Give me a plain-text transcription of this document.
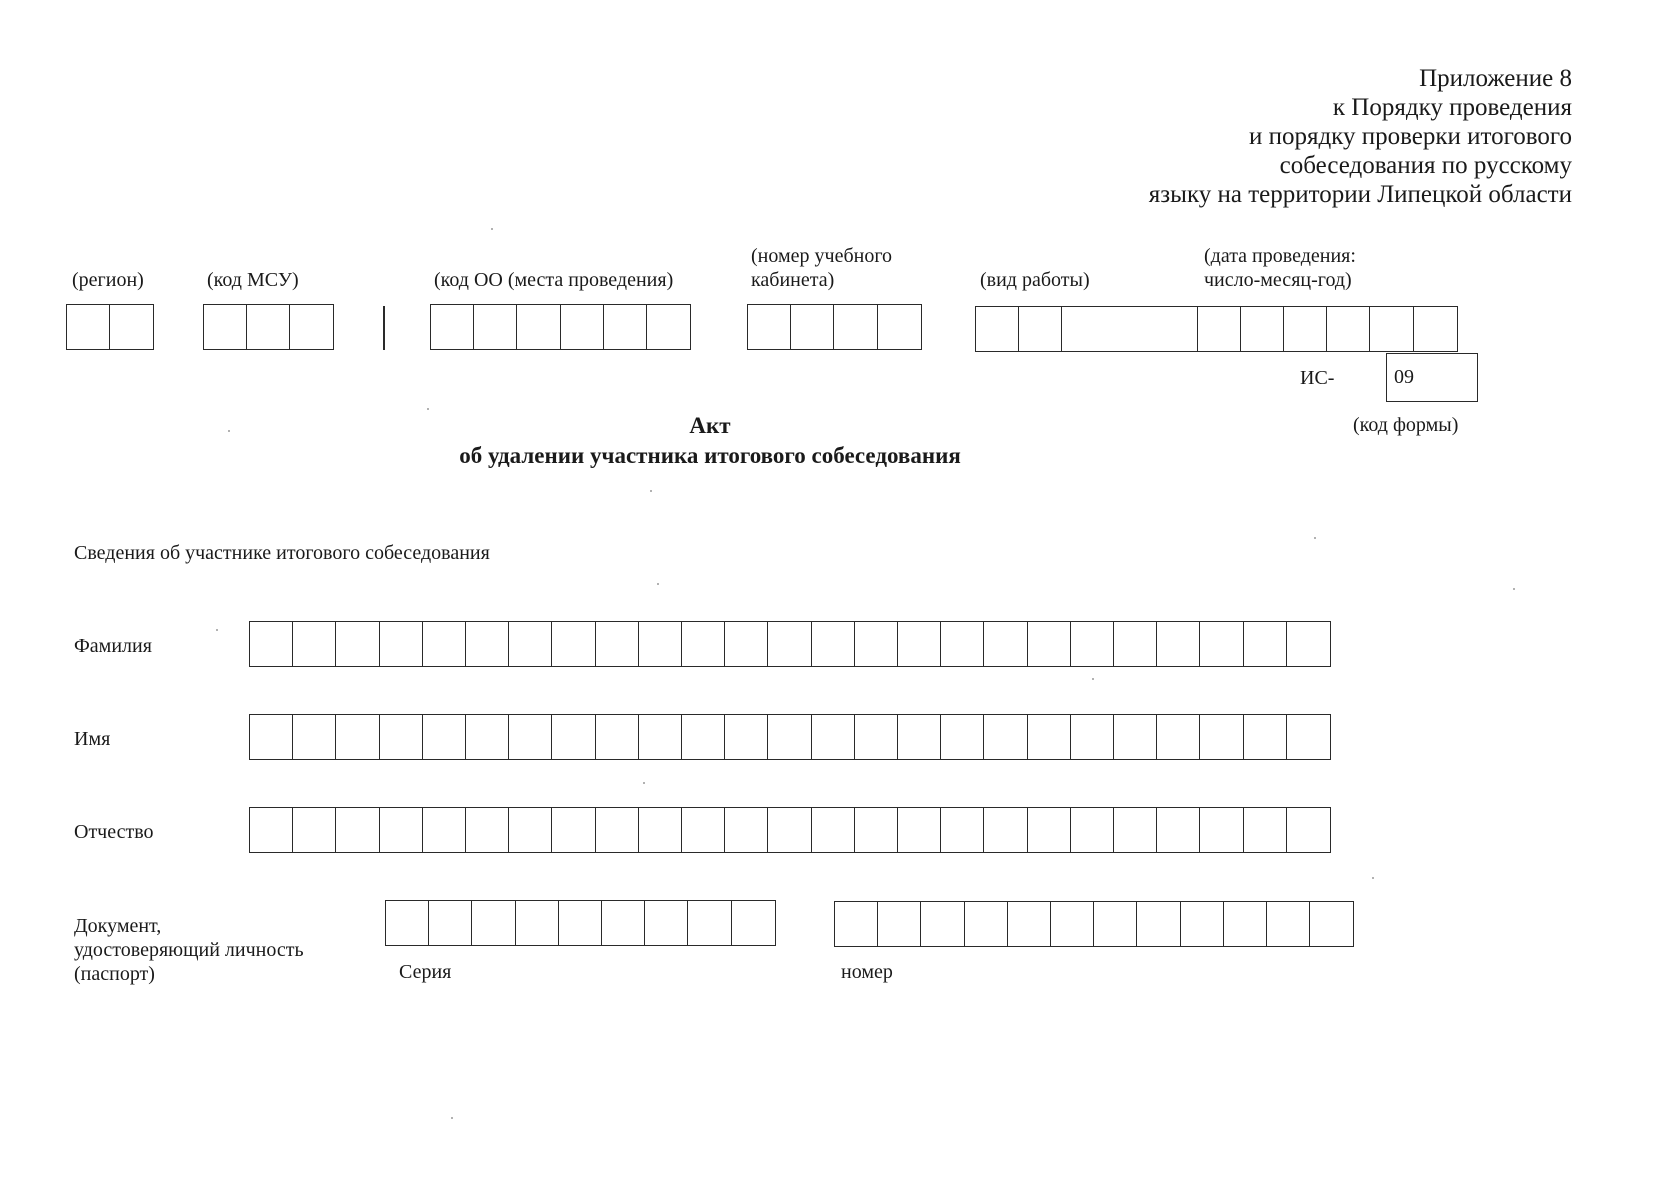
Приложение 8
к Порядку проведения
и порядку проверки итогового
собеседования по русскому
языку на территории Липецкой области
(регион)	(код МСУ)	(код ОО (места проведения)
(номер учебного
кабинета)	(вид работы)
(дата проведения:
число-месяц-год)
ИС-	09
(код формы)
Акт
об удалении участника итогового собеседования
Сведения об участнике итогового собеседования
Фамилия
Имя
Отчество
Документ,
удостоверяющий личность
(паспорт)	Серия	номер
